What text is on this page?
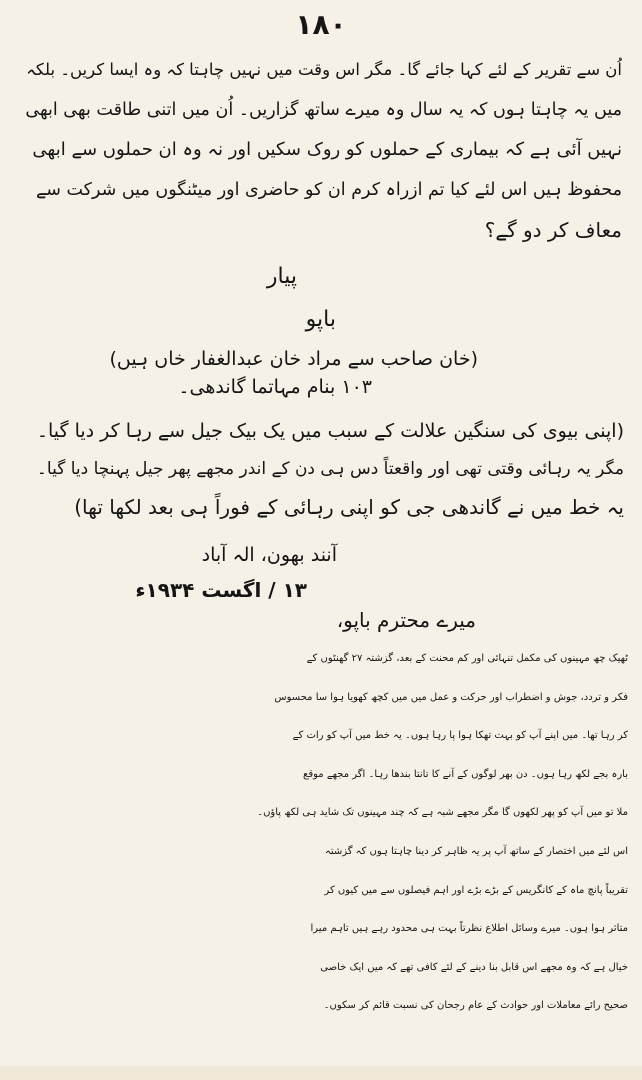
۱۸۰
اُن سے تقریر کے لئے کہا جائے گا۔ مگر اس وقت میں نہیں چاہتا کہ وہ ایسا کریں۔ بلکہ
میں یہ چاہتا ہوں کہ یہ سال وہ میرے ساتھ گزاریں۔ اُن میں اتنی طاقت بھی ابھی
نہیں آئی ہے کہ بیماری کے حملوں کو روک سکیں اور نہ وہ ان حملوں سے ابھی
محفوظ ہیں اس لئے کیا تم ازراہ کرم ان کو حاضری اور میٹنگوں میں شرکت سے
معاف کر دو گے؟
پیار
باپو
(خان صاحب سے مراد خان عبدالغفار خاں ہیں)
۱۰۳ بنام مہاتما گاندھی۔
(اپنی بیوی کی سنگین علالت کے سبب میں یک بیک جیل سے رہا کر دیا گیا۔
مگر یہ رہائی وقتی تھی اور واقعتاً دس ہی دن کے اندر مجھے پھر جیل پہنچا دیا گیا۔
یہ خط میں نے گاندھی جی کو اپنی رہائی کے فوراً ہی بعد لکھا تھا)
آنند بھون، الہ آباد
۱۳ / اگست ۱۹۳۴ء
میرے محترم باپو،
ٹھیک چھ مہینوں کی مکمل تنہائی اور کم محنت کے بعد، گزشتہ ۲۷ گھنٹوں کے
فکر و تردد، جوش و اضطراب اور حرکت و عمل میں میں کچھ کھویا ہوا سا محسوس
کر رہا تھا۔ میں اپنے آپ کو بہت تھکا ہوا پا رہا ہوں۔ یہ خط میں آپ کو رات کے
بارہ بجے لکھ رہا ہوں۔ دن بھر لوگوں کے آنے کا تانتا بندھا رہا۔ اگر مجھے موقع
ملا تو میں آپ کو پھر لکھوں گا مگر مجھے شبہ ہے کہ چند مہینوں تک شاید ہی لکھ پاؤں۔
اس لئے میں اختصار کے ساتھ آپ پر یہ ظاہر کر دینا چاہتا ہوں کہ گزشتہ
تقریباً پانچ ماہ کے کانگریس کے بڑے بڑے اور اہم فیصلوں سے میں کیوں کر
متاثر ہوا ہوں۔ میرے وسائل اطلاع نظرتاً بہت ہی محدود رہے ہیں تاہم میرا
خیال ہے کہ وہ مجھے اس قابل بنا دینے کے لئے کافی تھے کہ میں ایک خاصی
صحیح رائے معاملات اور حوادث کے عام رجحان کی نسبت قائم کر سکوں۔
